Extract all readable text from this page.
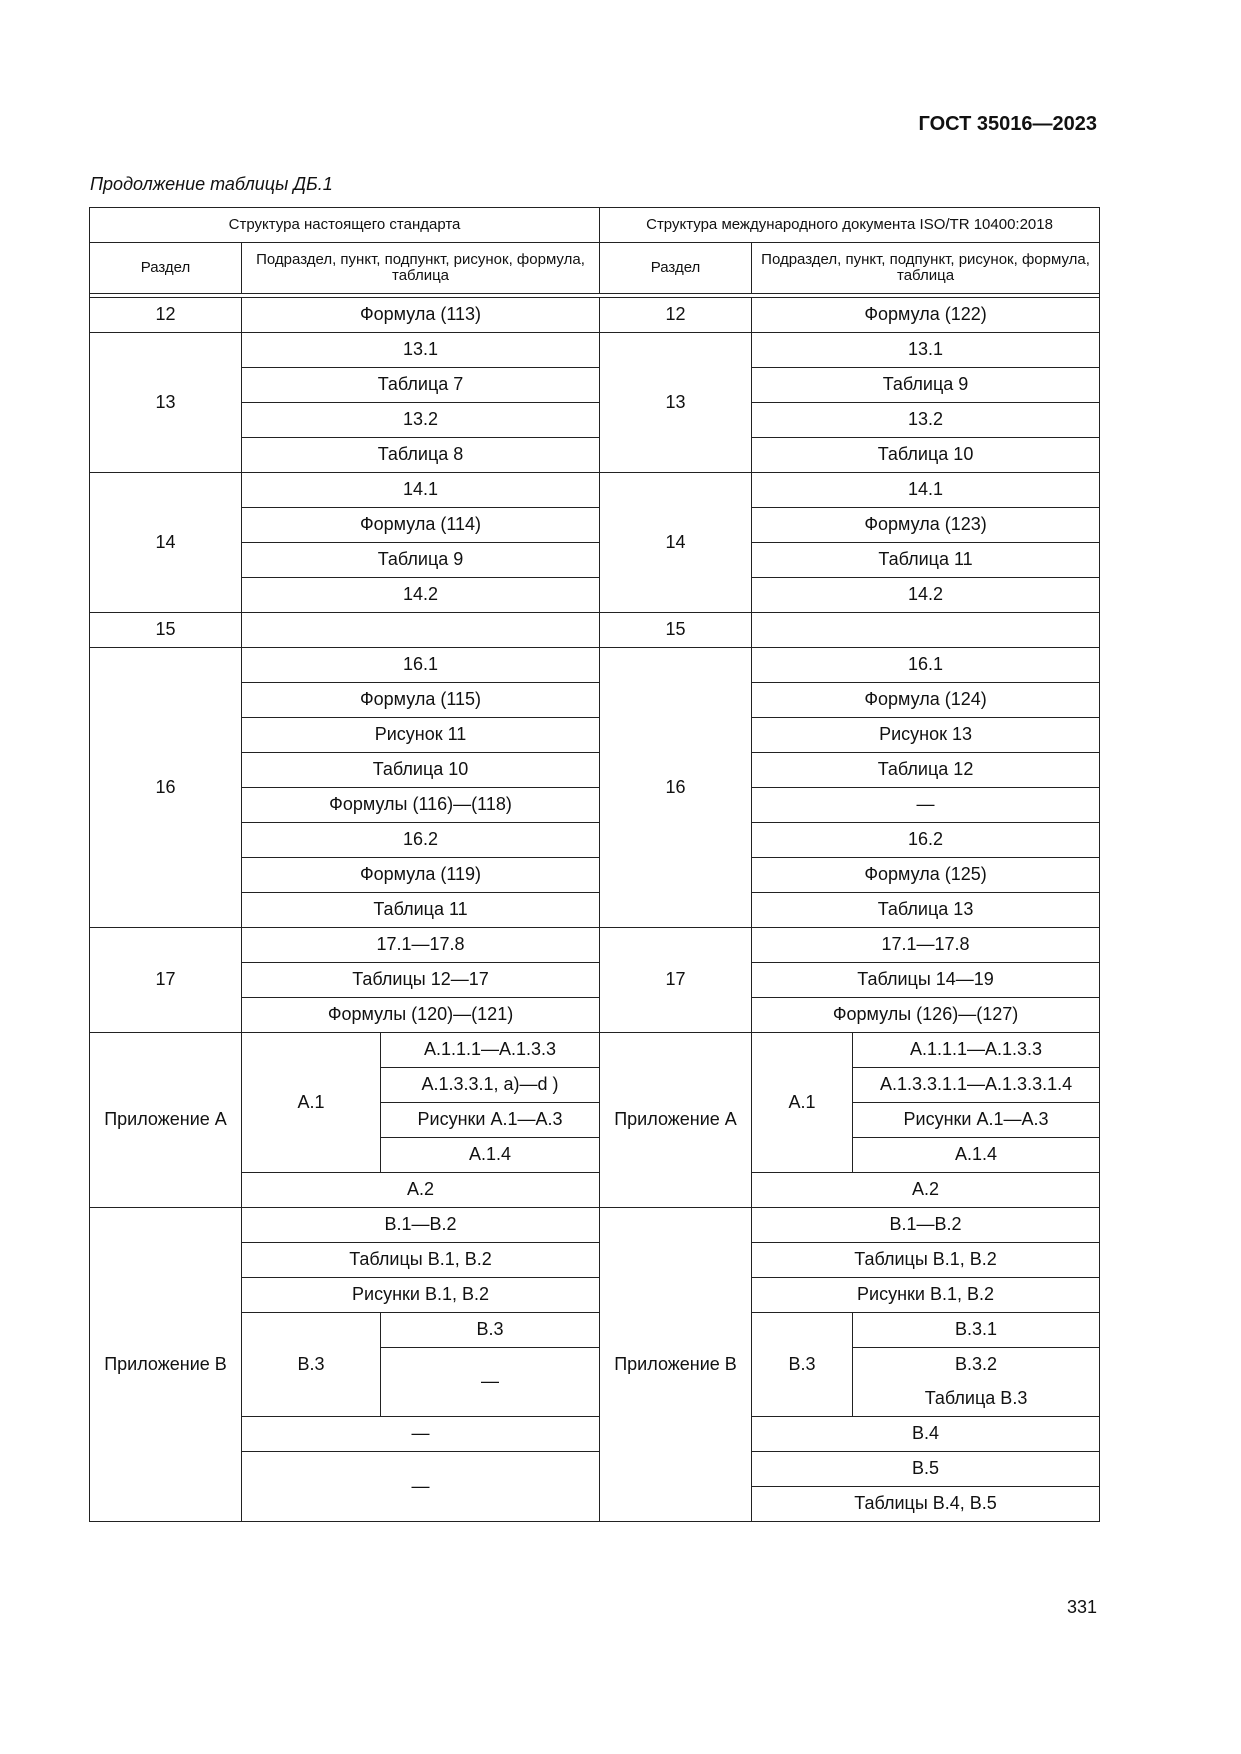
ГОСТ 35016—2023
Продолжение таблицы ДБ.1
Структура настоящего стандарта			Структура международного документа ISO/TR 10400:2018		
Раздел	Подраздел, пункт, подпункт, рисунок, формула, таблица		Раздел	Подраздел, пункт, подпункт, рисунок, формула, таблица	

12	Формула (113)		12	Формула (122)	
13	13.1		13	13.1	
	Таблица 7			Таблица 9	
	13.2			13.2	
	Таблица 8			Таблица 10	
14	14.1		14	14.1	
	Формула (114)			Формула (123)	
	Таблица 9			Таблица 11	
	14.2			14.2	
15			15		
16	16.1		16	16.1	
	Формула (115)			Формула (124)	
	Рисунок 11			Рисунок 13	
	Таблица 10			Таблица 12	
	Формулы (116)—(118)			—	
	16.2			16.2	
	Формула (119)			Формула (125)	
	Таблица 11			Таблица 13	
17	17.1—17.8		17	17.1—17.8	
	Таблицы 12—17			Таблицы 14—19	
	Формулы (120)—(121)			Формулы (126)—(127)	
Приложение А	А.1	А.1.1.1—А.1.3.3	Приложение А	А.1	А.1.1.1—А.1.3.3
		А.1.3.3.1, а)—d )			А.1.3.3.1.1—А.1.3.3.1.4
		Рисунки А.1—А.3			Рисунки А.1—А.3
		А.1.4			А.1.4
	А.2			А.2	
Приложение В	В.1—В.2		Приложение В	В.1—В.2	
	Таблицы В.1, В.2			Таблицы В.1, В.2	
	Рисунки В.1, В.2			Рисунки В.1, В.2	
	В.3	В.3		В.3	В.3.1
		—			В.3.2
					Таблица В.3
	—			В.4	
	—			В.5	
				Таблицы В.4, В.5	
331
